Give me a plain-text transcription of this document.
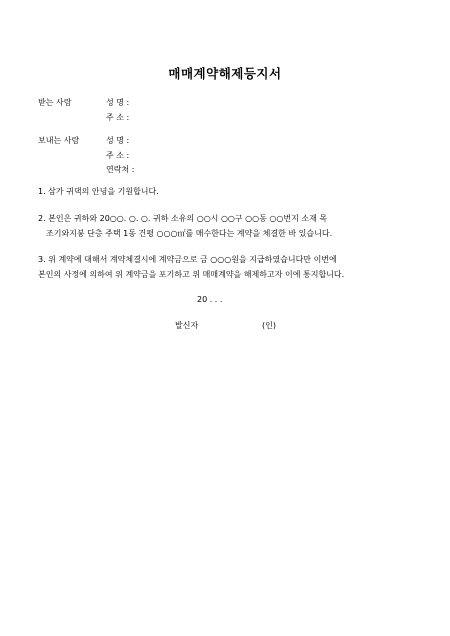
매매계약해제등지서
받는 사람	성 명 :
주 소 :
보내는 사람	성 명 :
주 소 :
연락처 :
1. 삼가 귀댁의 안녕을 기원합니다.
2. 본인은 귀하와 20○○. ○. ○. 귀하 소유의 ○○시 ○○구 ○○동 ○○번지 소재 목
조기와지붕 단층 주택 1동 건평 ○○○㎡를 매수한다는 계약을 체결한 바 있습니다.
3. 위 계약에 대해서 계약체결시에 계약금으로 금 ○○○원을 지급하였습니다만 이번에
본인의 사정에 의하여 위 계약금을 포기하고 위 매매계약을 해제하고자 이에 통지합니다.
20 . . .
발신자	(인)
